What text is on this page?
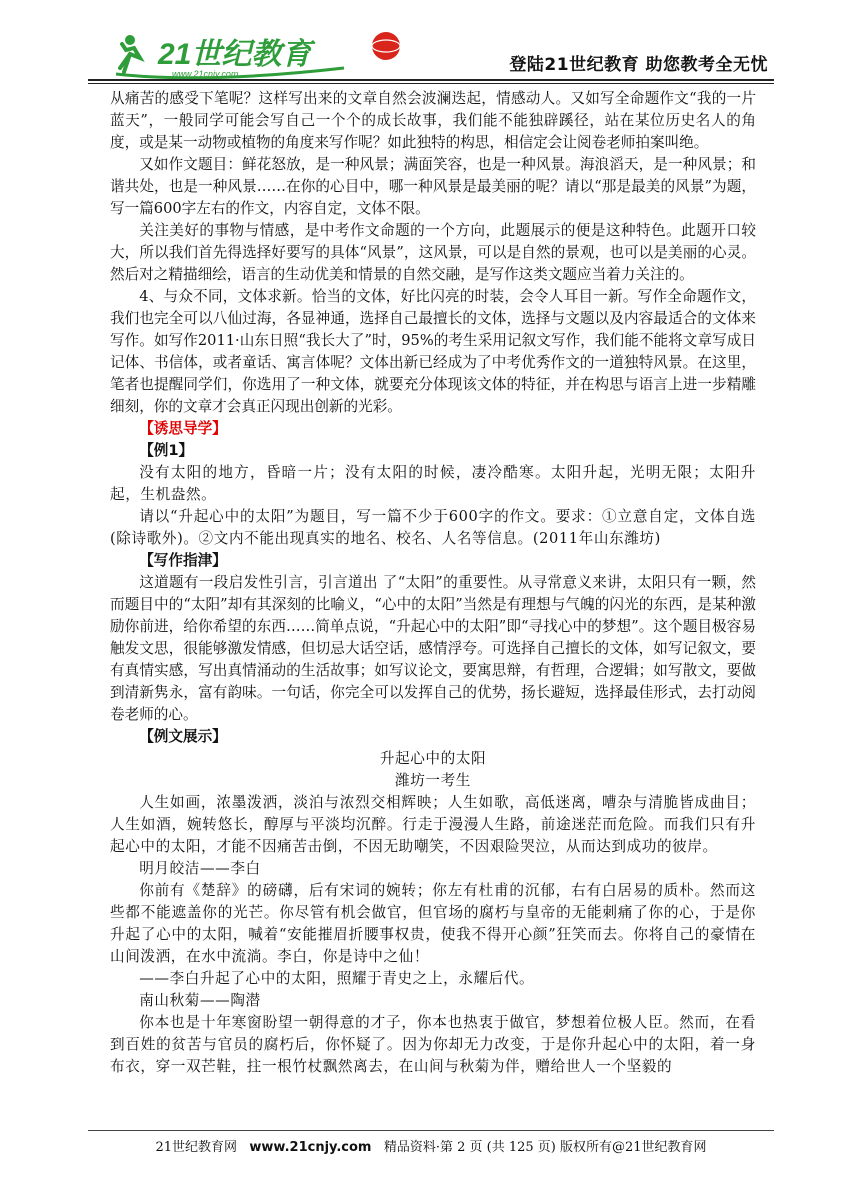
21世纪教育
www.21cnjy.com	登陆21世纪教育 助您教考全无忧

从痛苦的感受下笔呢？这样写出来的文章自然会波澜迭起，情感动人。又如写全命题作文“我的一片蓝天”，一般同学可能会写自己一个个的成长故事，我们能不能独辟蹊径，站在某位历史名人的角度，或是某一动物或植物的角度来写作呢？如此独特的构思，相信定会让阅卷老师拍案叫绝。

又如作文题目：鲜花怒放，是一种风景；满面笑容，也是一种风景。海浪滔天，是一种风景；和谐共处，也是一种风景……在你的心目中，哪一种风景是最美丽的呢？请以“那是最美的风景”为题，写一篇600字左右的作文，内容自定，文体不限。

关注美好的事物与情感，是中考作文命题的一个方向，此题展示的便是这种特色。此题开口较大，所以我们首先得选择好要写的具体“风景”，这风景，可以是自然的景观，也可以是美丽的心灵。然后对之精描细绘，语言的生动优美和情景的自然交融，是写作这类文题应当着力关注的。

4、与众不同，文体求新。恰当的文体，好比闪亮的时装，会令人耳目一新。写作全命题作文，我们也完全可以八仙过海，各显神通，选择自己最擅长的文体，选择与文题以及内容最适合的文体来写作。如写作2011·山东日照“我长大了”时，95%的考生采用记叙文写作，我们能不能将文章写成日记体、书信体，或者童话、寓言体呢？文体出新已经成为了中考优秀作文的一道独特风景。在这里，笔者也提醒同学们，你选用了一种文体，就要充分体现该文体的特征，并在构思与语言上进一步精雕细刻，你的文章才会真正闪现出创新的光彩。

【诱思导学】

【例1】

没有太阳的地方，昏暗一片；没有太阳的时候，凄冷酷寒。太阳升起，光明无限；太阳升起，生机盎然。

请以“升起心中的太阳”为题目，写一篇不少于600字的作文。要求：①立意自定，文体自选(除诗歌外)。②文内不能出现真实的地名、校名、人名等信息。(2011年山东潍坊)

【写作指津】

这道题有一段启发性引言，引言道出 了“太阳”的重要性。从寻常意义来讲，太阳只有一颗，然而题目中的“太阳”却有其深刻的比喻义，“心中的太阳”当然是有理想与气魄的闪光的东西，是某种激励你前进，给你希望的东西……简单点说，“升起心中的太阳”即“寻找心中的梦想”。这个题目极容易触发文思，很能够激发情感，但切忌大话空话，感情浮夸。可选择自己擅长的文体，如写记叙文，要有真情实感，写出真情涌动的生活故事；如写议论文，要寓思辩，有哲理，合逻辑；如写散文，要做到清新隽永，富有韵味。一句话，你完全可以发挥自己的优势，扬长避短，选择最佳形式，去打动阅卷老师的心。

【例文展示】

升起心中的太阳

潍坊一考生

人生如画，浓墨泼洒，淡泊与浓烈交相辉映；人生如歌，高低迷离，嘈杂与清脆皆成曲目；人生如酒，婉转悠长，醇厚与平淡均沉醉。行走于漫漫人生路，前途迷茫而危险。而我们只有升起心中的太阳，才能不因痛苦击倒，不因无助嘲笑，不因艰险哭泣，从而达到成功的彼岸。

明月皎洁——李白

你前有《楚辞》的磅礴，后有宋词的婉转；你左有杜甫的沉郁，右有白居易的质朴。然而这些都不能遮盖你的光芒。你尽管有机会做官，但官场的腐朽与皇帝的无能刺痛了你的心，于是你升起了心中的太阳，喊着“安能摧眉折腰事权贵，使我不得开心颜”狂笑而去。你将自己的豪情在山间泼洒，在水中流淌。李白，你是诗中之仙！

——李白升起了心中的太阳，照耀于青史之上，永耀后代。

南山秋菊——陶潜

你本也是十年寒窗盼望一朝得意的才子，你本也热衷于做官，梦想着位极人臣。然而，在看到百姓的贫苦与官员的腐朽后，你怀疑了。因为你却无力改变，于是你升起心中的太阳，着一身布衣，穿一双芒鞋，拄一根竹杖飘然离去，在山间与秋菊为伴，赠给世人一个坚毅的

21世纪教育网 www.21cnjy.com 精品资料·第 2 页 (共 125 页) 版权所有@21世纪教育网
